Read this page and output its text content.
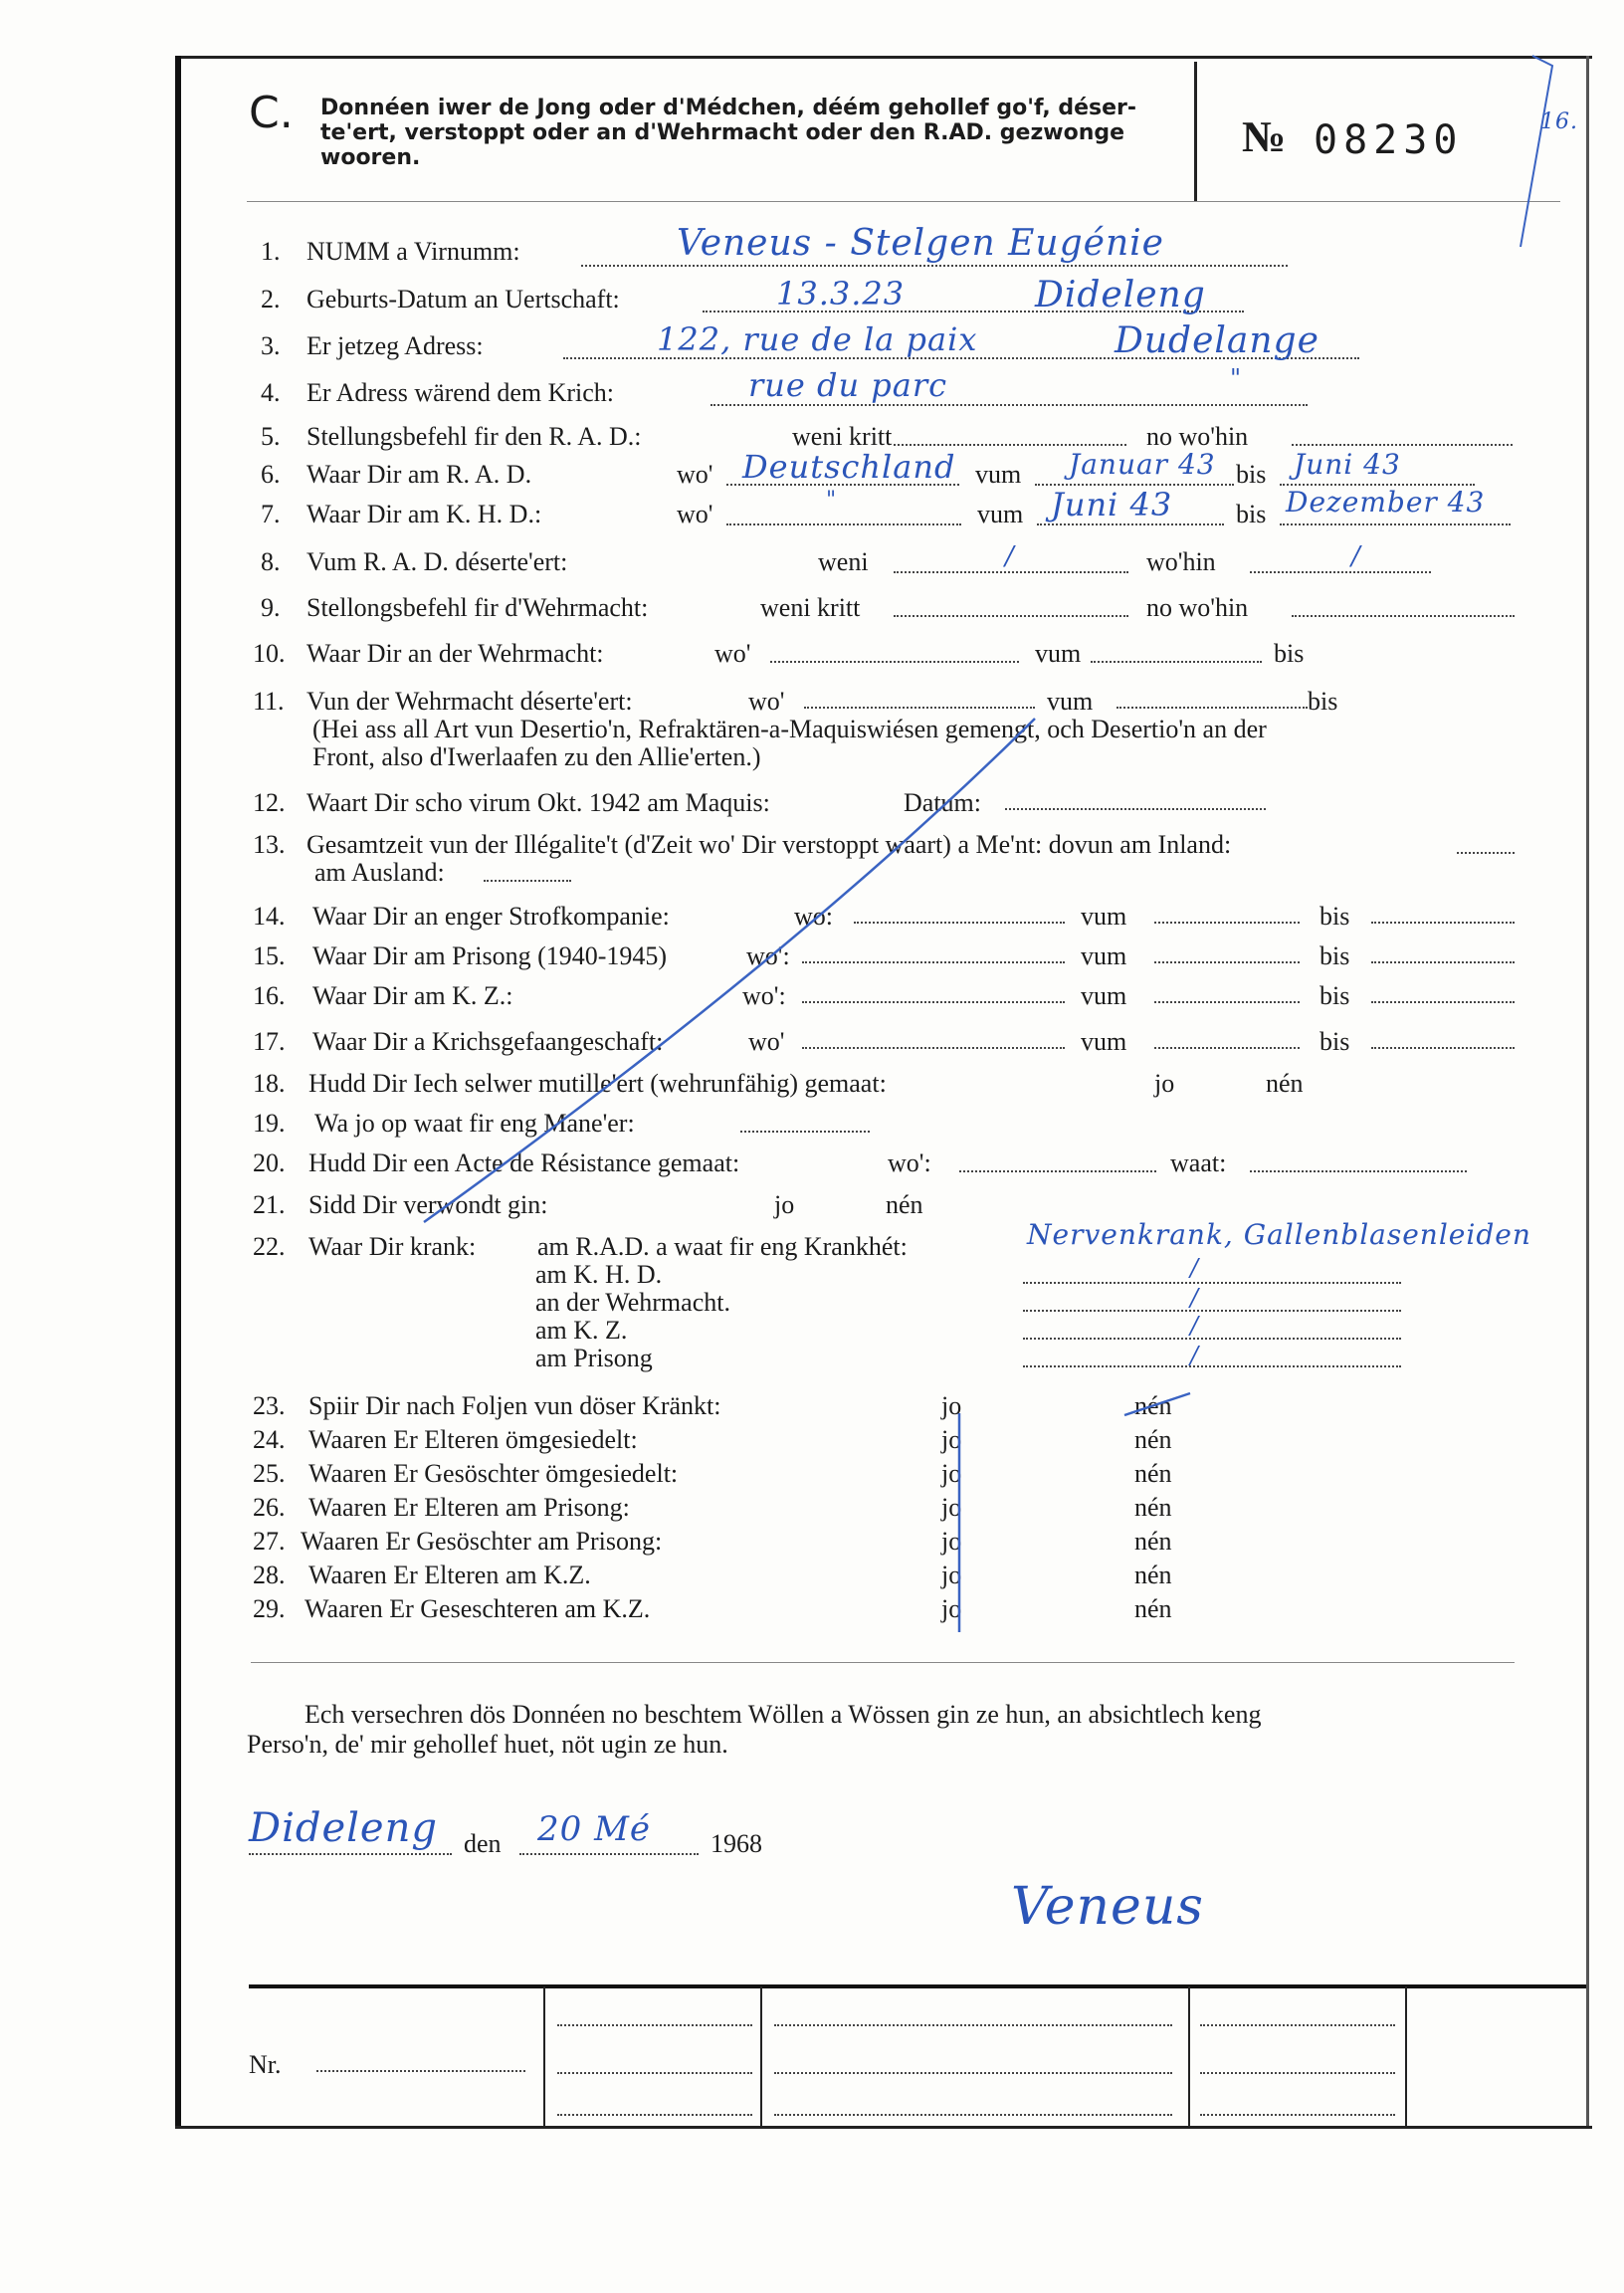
C. Donnéen iwer de Jong oder d'Médchen, déém gehollef go'f, déser-
te'ert, verstoppt oder an d'Wehrmacht oder den R.AD. gezwonge
wooren.	№ 08230	16.
1. NUMM a Virnumm:	Veneus - Stelgen Eugénie
2. Geburts-Datum an Uertschaft:	13.3.23	Dideleng
3. Er jetzeg Adress:	122, rue de la paix	Dudelange
4. Er Adress wärend dem Krich:	rue du parc	"
5. Stellungsbefehl fir den R. A. D.:	weni kritt	no wo'hin
6. Waar Dir am R. A. D.	wo' Deutschland vum Januar 43 bis Juni 43
7. Waar Dir am K. H. D.:	wo'	"	vum Juni 43 bis Dezember 43
8. Vum R. A. D. déserte'ert:	weni	/	wo'hin	/
9. Stellongsbefehl fir d'Wehrmacht:	weni kritt	no wo'hin
10. Waar Dir an der Wehrmacht:	wo'	vum	bis
11. Vun der Wehrmacht déserte'ert:	wo'	vum	bis
(Hei ass all Art vun Desertio'n, Refraktären-a-Maquiswiésen gemengt, och Desertio'n an der
Front, also d'Iwerlaafen zu den Allie'erten.)
12. Waart Dir scho virum Okt. 1942 am Maquis:	Datum:
13. Gesamtzeit vun der Illégalite't (d'Zeit wo' Dir verstoppt waart) a Me'nt: dovun am Inland:
am Ausland:
14. Waar Dir an enger Strofkompanie:	wo:	vum	bis
15. Waar Dir am Prisong (1940-1945)	wo':	vum	bis
16. Waar Dir am K. Z.:	wo':	vum	bis
17. Waar Dir a Krichsgefaangeschaft:	wo'	vum	bis
18. Hudd Dir Iech selwer mutille'ert (wehrunfähig) gemaat:	jo	nén
19. Wa jo op waat fir eng Mane'er:
20. Hudd Dir een Acte de Résistance gemaat:	wo':	waat:
21. Sidd Dir verwondt gin:	jo	nén
22. Waar Dir krank: am R.A.D. a waat fir eng Krankhét:	Nervenkrank, Gallenblasenleiden
am K. H. D.	/
an der Wehrmacht.	/
am K. Z.	/
am Prisong	/
23. Spiir Dir nach Foljen vun döser Kränkt:	jo	nén
24. Waaren Er Elteren ömgesiedelt:	jo	nén
25. Waaren Er Gesöschter ömgesiedelt:	jo	nén
26. Waaren Er Elteren am Prisong:	jo	nén
27. Waaren Er Gesöschter am Prisong:	jo	nén
28. Waaren Er Elteren am K.Z.	jo	nén
29. Waaren Er Geseschteren am K.Z.	jo	nén
Ech versechren dös Donnéen no beschtem Wöllen a Wössen gin ze hun, an absichtlech keng
Perso'n, de' mir gehollef huet, nöt ugin ze hun.
Dideleng den 20 Mé 1968
Veneus
Nr.
